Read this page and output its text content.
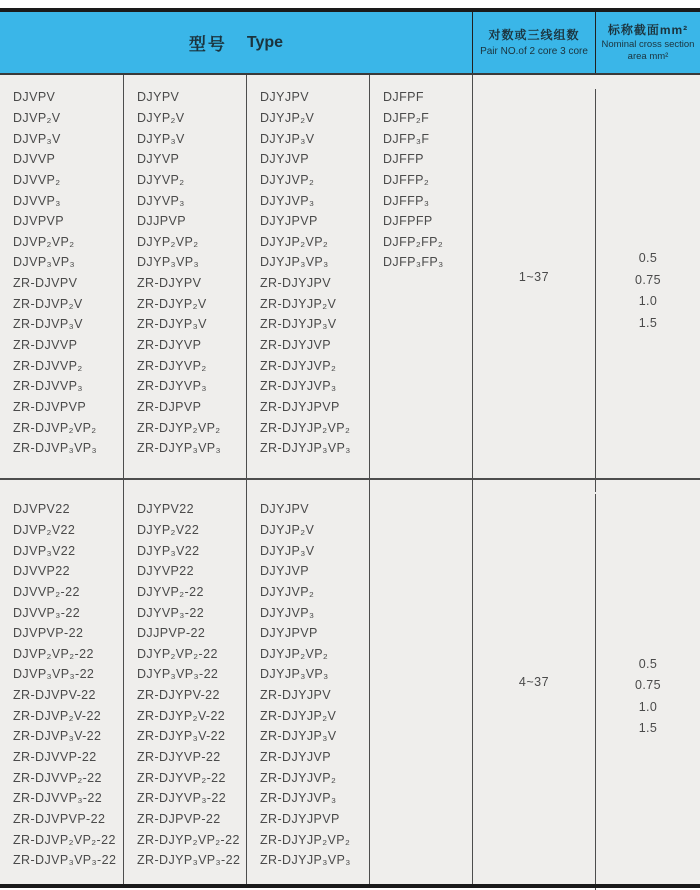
型号 Type	对数或三线组数
Pair NO.of 2 core 3 core
标称截面mm²
Nominal cross section
area mm²
DJVPV
DJVP₂V
DJVP₃V
DJVVP
DJVVP₂
DJVVP₃
DJVPVP
DJVP₂VP₂
DJVP₃VP₃
ZR-DJVPV
ZR-DJVP₂V
ZR-DJVP₃V
ZR-DJVVP
ZR-DJVVP₂
ZR-DJVVP₃
ZR-DJVPVP
ZR-DJVP₂VP₂
ZR-DJVP₃VP₃
DJYPV
DJYP₂V
DJYP₃V
DJYVP
DJYVP₂
DJYVP₃
DJJPVP
DJYP₂VP₂
DJYP₃VP₃
ZR-DJYPV
ZR-DJYP₂V
ZR-DJYP₃V
ZR-DJYVP
ZR-DJYVP₂
ZR-DJYVP₃
ZR-DJPVP
ZR-DJYP₂VP₂
ZR-DJYP₃VP₃
DJYJPV
DJYJP₂V
DJYJP₃V
DJYJVP
DJYJVP₂
DJYJVP₃
DJYJPVP
DJYJP₂VP₂
DJYJP₃VP₃
ZR-DJYJPV
ZR-DJYJP₂V
ZR-DJYJP₃V
ZR-DJYJVP
ZR-DJYJVP₂
ZR-DJYJVP₃
ZR-DJYJPVP
ZR-DJYJP₂VP₂
ZR-DJYJP₃VP₃
DJFPF
DJFP₂F
DJFP₃F
DJFFP
DJFFP₂
DJFFP₃
DJFPFP
DJFP₂FP₂
DJFP₃FP₃
1~37
0.5
0.75
1.0
1.5
DJVPV22
DJVP₂V22
DJVP₃V22
DJVVP22
DJVVP₂-22
DJVVP₃-22
DJVPVP-22
DJVP₂VP₂-22
DJVP₃VP₃-22
ZR-DJVPV-22
ZR-DJVP₂V-22
ZR-DJVP₃V-22
ZR-DJVVP-22
ZR-DJVVP₂-22
ZR-DJVVP₃-22
ZR-DJVPVP-22
ZR-DJVP₂VP₂-22
ZR-DJVP₃VP₃-22
DJYPV22
DJYP₂V22
DJYP₃V22
DJYVP22
DJYVP₂-22
DJYVP₃-22
DJJPVP-22
DJYP₂VP₂-22
DJYP₃VP₃-22
ZR-DJYPV-22
ZR-DJYP₂V-22
ZR-DJYP₃V-22
ZR-DJYVP-22
ZR-DJYVP₂-22
ZR-DJYVP₃-22
ZR-DJPVP-22
ZR-DJYP₂VP₂-22
ZR-DJYP₃VP₃-22
DJYJPV
DJYJP₂V
DJYJP₃V
DJYJVP
DJYJVP₂
DJYJVP₃
DJYJPVP
DJYJP₂VP₂
DJYJP₃VP₃
ZR-DJYJPV
ZR-DJYJP₂V
ZR-DJYJP₃V
ZR-DJYJVP
ZR-DJYJVP₂
ZR-DJYJVP₃
ZR-DJYJPVP
ZR-DJYJP₂VP₂
ZR-DJYJP₃VP₃
4~37
0.5
0.75
1.0
1.5
